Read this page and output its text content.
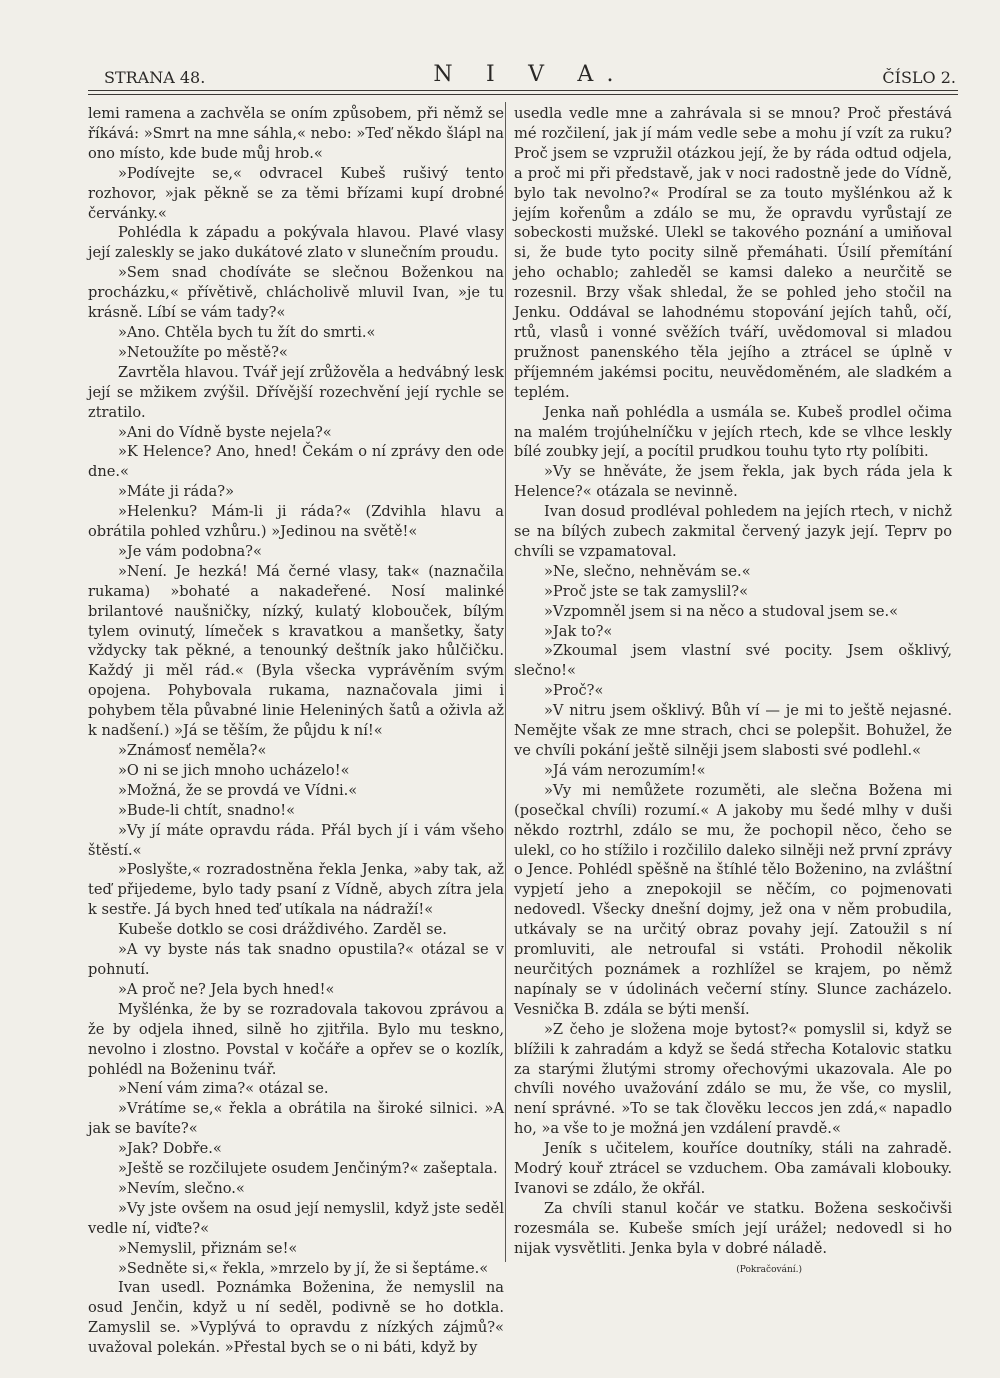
STRANA 48.	N I V A.	ČÍSLO 2.

lemi ramena a zachvěla se oním způsobem, při němž se říkává: »Smrt na mne sáhla,« nebo: »Teď někdo šlápl na ono místo, kde bude můj hrob.«

»Podívejte se,« odvracel Kubeš rušivý tento rozhovor, »jak pěkně se za těmi břízami kupí drobné červánky.«

Pohlédla k západu a pokývala hlavou. Plavé vlasy její zaleskly se jako dukátové zlato v slunečním proudu.

»Sem snad chodíváte se slečnou Boženkou na procházku,« přívětivě, chlácholivě mluvil Ivan, »je tu krásně. Líbí se vám tady?«

»Ano. Chtěla bych tu žít do smrti.«

»Netoužíte po městě?«

Zavrtěla hlavou. Tvář její zrůžověla a hedvábný lesk její se mžikem zvýšil. Dřívější rozechvění její rychle se ztratilo.

»Ani do Vídně byste nejela?«

»K Helence? Ano, hned! Čekám o ní zprávy den ode dne.«

»Máte ji ráda?»

»Helenku? Mám-li ji ráda?« (Zdvihla hlavu a obrátila pohled vzhůru.) »Jedinou na světě!«

»Je vám podobna?«

»Není. Je hezká! Má černé vlasy, tak« (naznačila rukama) »bohaté a nakadeřené. Nosí malinké brilantové naušničky, nízký, kulatý klobouček, bílým tylem ovinutý, límeček s kravatkou a manšetky, šaty vždycky tak pěkné, a tenounký deštník jako hůlčičku. Každý ji měl rád.« (Byla všecka vyprávěním svým opojena. Pohybovala rukama, naznačovala jimi i pohybem těla půvabné linie Heleniných šatů a oživla až k nadšení.) »Já se těším, že půjdu k ní!«

»Známosť neměla?«

»O ni se jich mnoho ucházelo!«

»Možná, že se provdá ve Vídni.«

»Bude-li chtít, snadno!«

»Vy jí máte opravdu ráda. Přál bych jí i vám všeho štěstí.«

»Poslyšte,« rozradostněna řekla Jenka, »aby tak, až teď přijedeme, bylo tady psaní z Vídně, abych zítra jela k sestře. Já bych hned teď utíkala na nádraží!«

Kubeše dotklo se cosi dráždivého. Zarděl se.

»A vy byste nás tak snadno opustila?« otázal se v pohnutí.

»A proč ne? Jela bych hned!«

Myšlénka, že by se rozradovala takovou zprávou a že by odjela ihned, silně ho zjitřila. Bylo mu teskno, nevolno i zlostno. Povstal v kočáře a opřev se o kozlík, pohlédl na Boženinu tvář.

»Není vám zima?« otázal se.

»Vrátíme se,« řekla a obrátila na široké silnici. »A jak se bavíte?«

»Jak? Dobře.«

»Ještě se rozčilujete osudem Jenčiným?« zašeptala.

»Nevím, slečno.«

»Vy jste ovšem na osud její nemyslil, když jste seděl vedle ní, viďte?«

»Nemyslil, přiznám se!«

»Sedněte si,« řekla, »mrzelo by jí, že si šeptáme.«

Ivan usedl. Poznámka Boženina, že nemyslil na osud Jenčin, když u ní seděl, podivně se ho dotkla. Zamyslil se. »Vyplývá to opravdu z nízkých zájmů?« uvažoval polekán. »Přestal bych se o ni báti, když by

usedla vedle mne a zahrávala si se mnou? Proč přestává mé rozčilení, jak jí mám vedle sebe a mohu jí vzít za ruku? Proč jsem se vzpružil otázkou její, že by ráda odtud odjela, a proč mi při představě, jak v noci radostně jede do Vídně, bylo tak nevolno?« Prodíral se za touto myšlénkou až k jejím kořenům a zdálo se mu, že opravdu vyrůstají ze sobeckosti mužské. Ulekl se takového poznání a umiňoval si, že bude tyto pocity silně přemáhati. Úsilí přemítání jeho ochablo; zahleděl se kamsi daleko a neurčitě se rozesnil. Brzy však shledal, že se pohled jeho stočil na Jenku. Oddával se lahodnému stopování jejích tahů, očí, rtů, vlasů i vonné svěžích tváří, uvědomoval si mladou pružnost panenského těla jejího a ztrácel se úplně v příjemném jakémsi pocitu, neuvědoměném, ale sladkém a teplém.

Jenka naň pohlédla a usmála se. Kubeš prodlel očima na malém trojúhelníčku v jejích rtech, kde se vlhce leskly bílé zoubky její, a pocítil prudkou touhu tyto rty políbiti.

»Vy se hněváte, že jsem řekla, jak bych ráda jela k Helence?« otázala se nevinně.

Ivan dosud prodléval pohledem na jejích rtech, v nichž se na bílých zubech zakmital červený jazyk její. Teprv po chvíli se vzpamatoval.

»Ne, slečno, nehněvám se.«

»Proč jste se tak zamyslil?«

»Vzpomněl jsem si na něco a studoval jsem se.«

»Jak to?«

»Zkoumal jsem vlastní své pocity. Jsem ošklivý, slečno!«

»Proč?«

»V nitru jsem ošklivý. Bůh ví — je mi to ještě nejasné. Nemějte však ze mne strach, chci se polepšit. Bohužel, že ve chvíli pokání ještě silněji jsem slabosti své podlehl.«

»Já vám nerozumím!«

»Vy mi nemůžete rozuměti, ale slečna Božena mi (posečkal chvíli) rozumí.« A jakoby mu šedé mlhy v duši někdo roztrhl, zdálo se mu, že pochopil něco, čeho se ulekl, co ho stížilo i rozčililo daleko silněji než první zprávy o Jence. Pohlédl spěšně na štíhlé tělo Boženino, na zvláštní vypjetí jeho a znepokojil se něčím, co pojmenovati nedovedl. Všecky dnešní dojmy, jež ona v něm probudila, utkávaly se na určitý obraz povahy její. Zatoužil s ní promluviti, ale netroufal si vstáti. Prohodil několik neurčitých poznámek a rozhlížel se krajem, po němž napínaly se v údolinách večerní stíny. Slunce zacházelo. Vesnička B. zdála se býti menší.

»Z čeho je složena moje bytost?« pomyslil si, když se blížili k zahradám a když se šedá střecha Kotalovic statku za starými žlutými stromy ořechovými ukazovala. Ale po chvíli nového uvažování zdálo se mu, že vše, co myslil, není správné. »To se tak člověku leccos jen zdá,« napadlo ho, »a vše to je možná jen vzdálení pravdě.«

Jeník s učitelem, kouříce doutníky, stáli na zahradě. Modrý kouř ztrácel se vzduchem. Oba zamávali klobouky. Ivanovi se zdálo, že okřál.

Za chvíli stanul kočár ve statku. Božena seskočivši rozesmála se. Kubeše smích její urážel; nedovedl si ho nijak vysvětliti. Jenka byla v dobré náladě.

(Pokračování.)
